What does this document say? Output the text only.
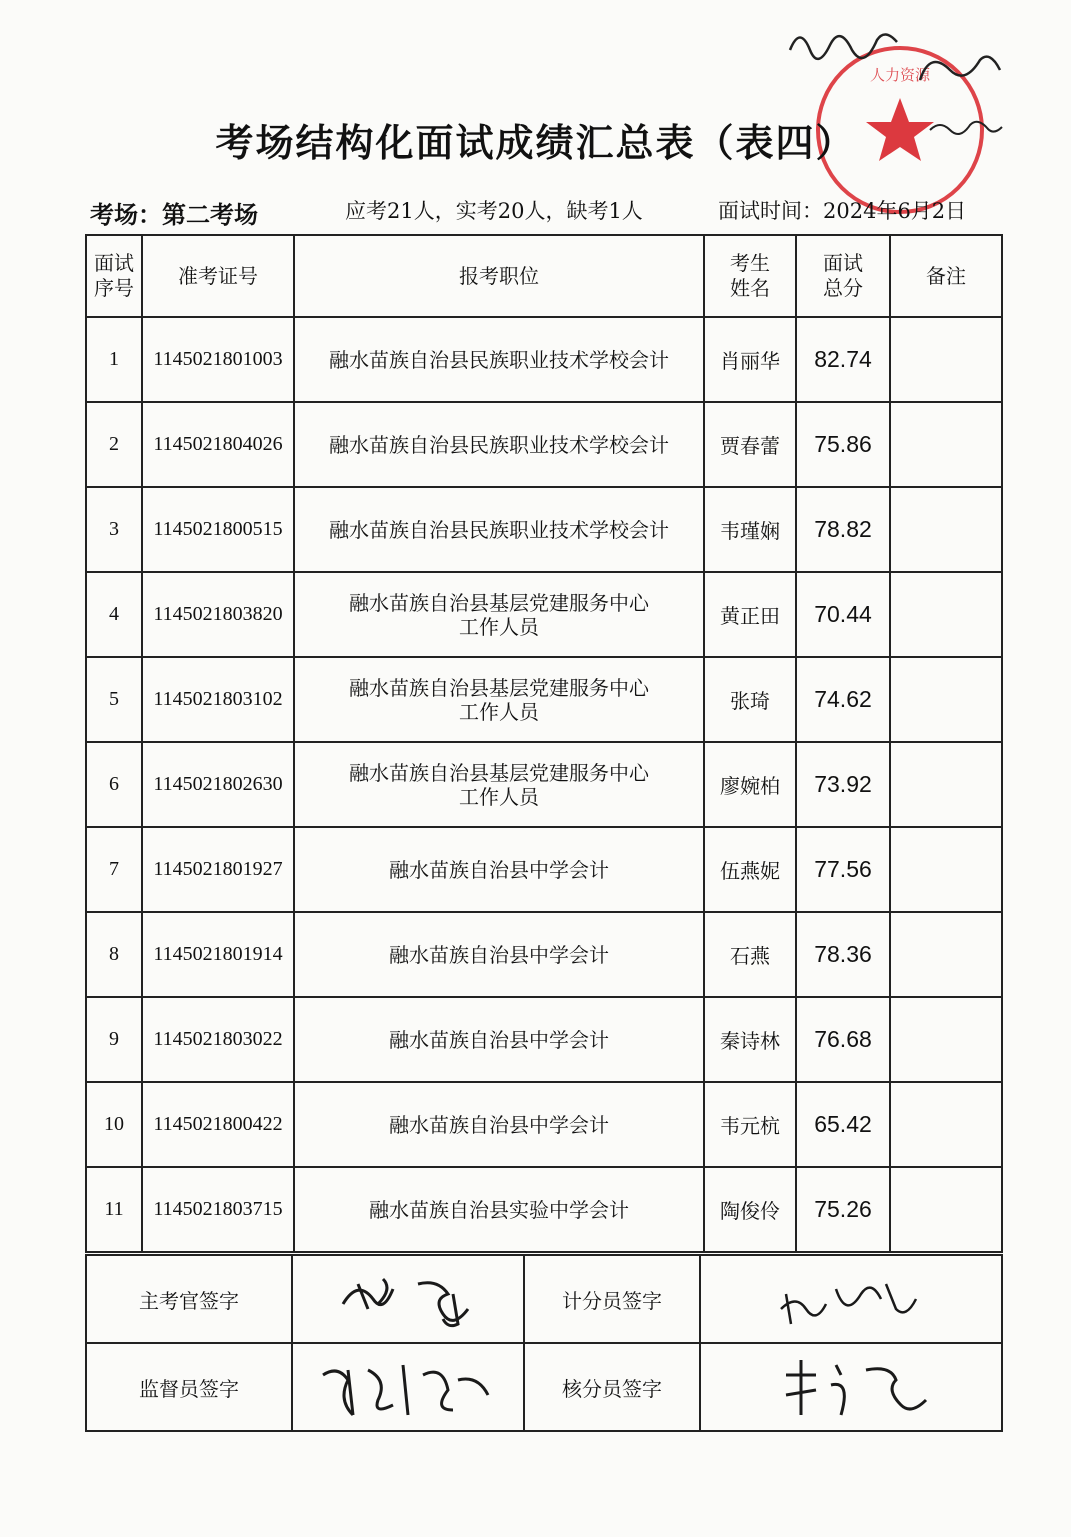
人力资源
考场结构化面试成绩汇总表（表四）
考场：第二考场	应考21人，实考20人，缺考1人	面试时间：2024年6月2日
面试序号	准考证号	报考职位	考生姓名	面试总分	备注
1	1145021801003	融水苗族自治县民族职业技术学校会计	肖丽华	82.74	
2	1145021804026	融水苗族自治县民族职业技术学校会计	贾春蕾	75.86	
3	1145021800515	融水苗族自治县民族职业技术学校会计	韦瑾娴	78.82	
4	1145021803820	融水苗族自治县基层党建服务中心
工作人员	黄正田	70.44	
5	1145021803102	融水苗族自治县基层党建服务中心
工作人员	张琦	74.62	
6	1145021802630	融水苗族自治县基层党建服务中心
工作人员	廖婉柏	73.92	
7	1145021801927	融水苗族自治县中学会计	伍燕妮	77.56	
8	1145021801914	融水苗族自治县中学会计	石燕	78.36	
9	1145021803022	融水苗族自治县中学会计	秦诗林	76.68	
10	1145021800422	融水苗族自治县中学会计	韦元杭	65.42	
11	1145021803715	融水苗族自治县实验中学会计	陶俊伶	75.26	
主考官签字		计分员签字	

监督员签字		核分员签字	
